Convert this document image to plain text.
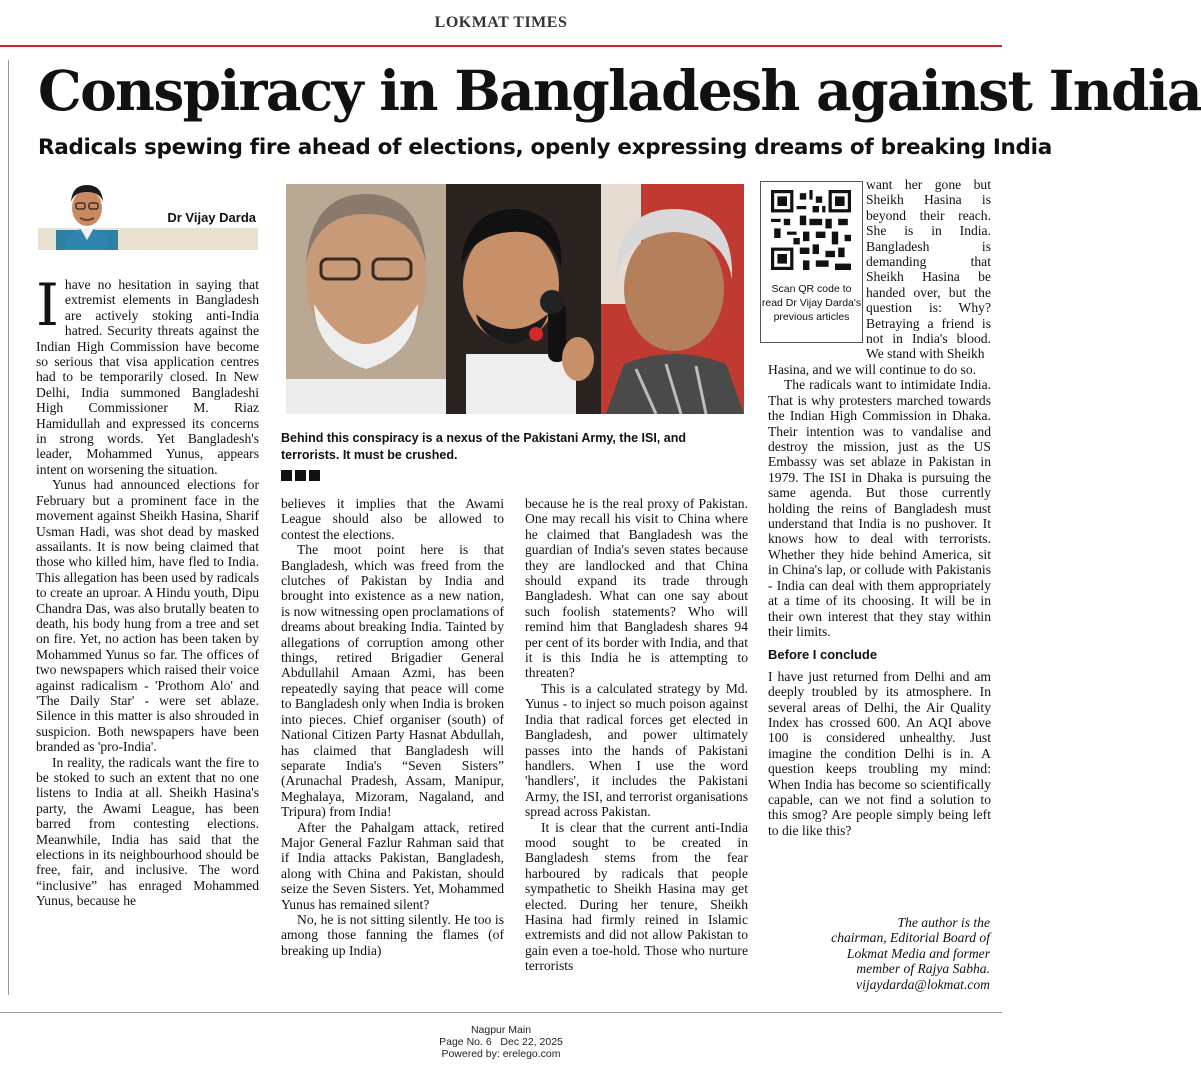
LOKMAT TIMES
Conspiracy in Bangladesh against India
Radicals spewing fire ahead of elections, openly expressing dreams of breaking India
Dr Vijay Darda
Behind this conspiracy is a nexus of the Pakistani Army, the ISI, and terrorists. It must be crushed.
Scan QR code to read Dr Vijay Darda's previous articles
I have no hesitation in saying that extremist elements in Bangladesh are actively stoking anti-India hatred. Security threats against the Indian High Commission have become so serious that visa application centres had to be temporarily closed. In New Delhi, India summoned Bangladeshi High Commissioner M. Riaz Hamidullah and expressed its concerns in strong words. Yet Bangladesh's leader, Mohammed Yunus, appears intent on worsening the situation.

Yunus had announced elections for February but a prominent face in the movement against Sheikh Hasina, Sharif Usman Hadi, was shot dead by masked assailants. It is now being claimed that those who killed him, have fled to India. This allegation has been used by radicals to create an uproar. A Hindu youth, Dipu Chandra Das, was also brutally beaten to death, his body hung from a tree and set on fire. Yet, no action has been taken by Mohammed Yunus so far. The offices of two newspapers which raised their voice against radicalism - 'Prothom Alo' and 'The Daily Star' - were set ablaze. Silence in this matter is also shrouded in suspicion. Both newspapers have been branded as 'pro-India'.

In reality, the radicals want the fire to be stoked to such an extent that no one listens to India at all. Sheikh Hasina's party, the Awami League, has been barred from contesting elections. Meanwhile, India has said that the elections in its neighbourhood should be free, fair, and inclusive. The word “inclusive” has enraged Mohammed Yunus, because he

believes it implies that the Awami League should also be allowed to contest the elections.

The moot point here is that Bangladesh, which was freed from the clutches of Pakistan by India and brought into existence as a new nation, is now witnessing open proclamations of dreams about breaking India. Tainted by allegations of corruption among other things, retired Brigadier General Abdullahil Amaan Azmi, has been repeatedly saying that peace will come to Bangladesh only when India is broken into pieces. Chief organiser (south) of National Citizen Party Hasnat Abdullah, has claimed that Bangladesh will separate India's “Seven Sisters” (Arunachal Pradesh, Assam, Manipur, Meghalaya, Mizoram, Nagaland, and Tripura) from India!

After the Pahalgam attack, retired Major General Fazlur Rahman said that if India attacks Pakistan, Bangladesh, along with China and Pakistan, should seize the Seven Sisters. Yet, Mohammed Yunus has remained silent?

No, he is not sitting silently. He too is among those fanning the flames (of breaking up India)

because he is the real proxy of Pakistan. One may recall his visit to China where he claimed that Bangladesh was the guardian of India's seven states because they are landlocked and that China should expand its trade through Bangladesh. What can one say about such foolish statements? Who will remind him that Bangladesh shares 94 per cent of its border with India, and that it is this India he is attempting to threaten?

This is a calculated strategy by Md. Yunus - to inject so much poison against India that radical forces get elected in Bangladesh, and power ultimately passes into the hands of Pakistani handlers. When I use the word 'handlers', it includes the Pakistani Army, the ISI, and terrorist organisations spread across Pakistan.

It is clear that the current anti-India mood sought to be created in Bangladesh stems from the fear harboured by radicals that people sympathetic to Sheikh Hasina may get elected. During her tenure, Sheikh Hasina had firmly reined in Islamic extremists and did not allow Pakistan to gain even a toe-hold. Those who nurture terrorists

want her gone but Sheikh Hasina is beyond their reach. She is in India. Bangladesh is demanding that Sheikh Hasina be handed over, but the question is: Why? Betraying a friend is not in India's blood. We stand with Sheikh

Hasina, and we will continue to do so.

The radicals want to intimidate India. That is why protesters marched towards the Indian High Commission in Dhaka. Their intention was to vandalise and destroy the mission, just as the US Embassy was set ablaze in Pakistan in 1979. The ISI in Dhaka is pursuing the same agenda. But those currently holding the reins of Bangladesh must understand that India is no pushover. It knows how to deal with terrorists. Whether they hide behind America, sit in China's lap, or collude with Pakistanis - India can deal with them appropriately at a time of its choosing. It will be in their own interest that they stay within their limits.

Before I conclude

I have just returned from Delhi and am deeply troubled by its atmosphere. In several areas of Delhi, the Air Quality Index has crossed 600. An AQI above 100 is considered unhealthy. Just imagine the condition Delhi is in. A question keeps troubling my mind: When India has become so scientifically capable, can we not find a solution to this smog? Are people simply being left to die like this?

The author is the
chairman, Editorial Board of
Lokmat Media and former
member of Rajya Sabha.
vijaydarda@lokmat.com
Nagpur Main
Page No. 6   Dec 22, 2025
Powered by: erelego.com
